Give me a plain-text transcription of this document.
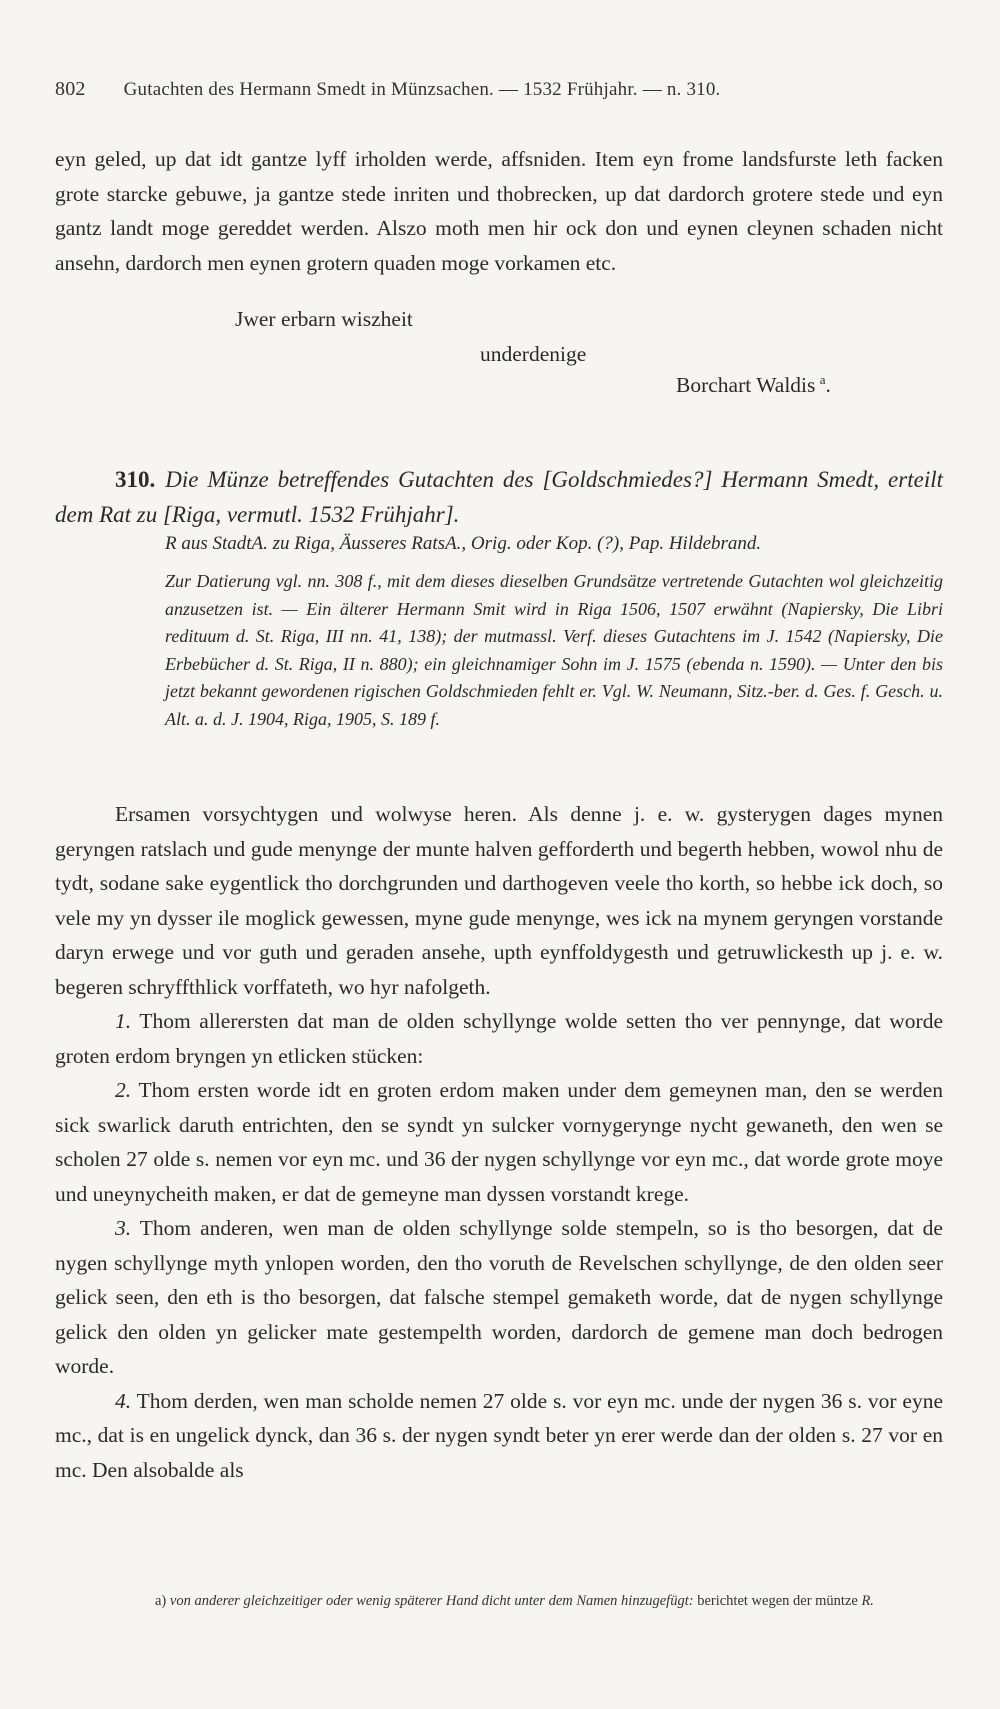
802 Gutachten des Hermann Smedt in Münzsachen. — 1532 Frühjahr. — n. 310.

eyn geled, up dat idt gantze lyff irholden werde, affsniden. Item eyn frome landsfurste leth facken grote starcke gebuwe, ja gantze stede inriten und thobrecken, up dat dardorch grotere stede und eyn gantz landt moge gereddet werden. Alszo moth men hir ock don und eynen cleynen schaden nicht ansehn, dardorch men eynen grotern quaden moge vorkamen etc.

Jwer erbarn wiszheit
underdenige
Borchart Waldis  $^a$.
310. Die Münze betreffendes Gutachten des [Goldschmiedes?] Hermann Smedt, erteilt dem Rat zu [Riga, vermutl. 1532 Frühjahr].
R aus StadtA. zu Riga, Äusseres RatsA., Orig. oder Kop. (?), Pap. Hildebrand.
Zur Datierung vgl. nn. 308 f., mit dem dieses dieselben Grundsätze vertretende Gutachten wol gleichzeitig anzusetzen ist. — Ein älterer Hermann Smit wird in Riga 1506, 1507 erwähnt (Napiersky, Die Libri redituum d. St. Riga, III nn. 41, 138); der mutmassl. Verf. dieses Gutachtens im J. 1542 (Napiersky, Die Erbebücher d. St. Riga, II n. 880); ein gleichnamiger Sohn im J. 1575 (ebenda n. 1590). — Unter den bis jetzt bekannt gewordenen rigischen Goldschmieden fehlt er. Vgl. W. Neumann, Sitz.-ber. d. Ges. f. Gesch. u. Alt. a. d. J. 1904, Riga, 1905, S. 189 f.

Ersamen vorsychtygen und wolwyse heren. Als denne j. e. w. gysterygen dages mynen geryngen ratslach und gude menynge der munte halven gefforderth und begerth hebben, wowol nhu de tydt, sodane sake eygentlick tho dorchgrunden und darthogeven veele tho korth, so hebbe ick doch, so vele my yn dysser ile moglick gewessen, myne gude menynge, wes ick na mynem geryngen vorstande daryn erwege und vor guth und geraden ansehe, upth eynffoldygesth und getruwlickesth up j. e. w. begeren schryffthlick vorffateth, wo hyr nafolgeth.

1. Thom allerersten dat man de olden schyllynge wolde setten tho ver pennynge, dat worde groten erdom bryngen yn etlicken stücken:

2. Thom ersten worde idt en groten erdom maken under dem gemeynen man, den se werden sick swarlick daruth entrichten, den se syndt yn sulcker vornygerynge nycht gewaneth, den wen se scholen 27 olde s. nemen vor eyn mc. und 36 der nygen schyllynge vor eyn mc., dat worde grote moye und uneynycheith maken, er dat de gemeyne man dyssen vorstandt krege.

3. Thom anderen, wen man de olden schyllynge solde stempeln, so is tho besorgen, dat de nygen schyllynge myth ynlopen worden, den tho voruth de Revelschen schyllynge, de den olden seer gelick seen, den eth is tho besorgen, dat falsche stempel gemaketh worde, dat de nygen schyllynge gelick den olden yn gelicker mate gestempelth worden, dardorch de gemene man doch bedrogen worde.

4. Thom derden, wen man scholde nemen 27 olde s. vor eyn mc. unde der nygen 36 s. vor eyne mc., dat is en ungelick dynck, dan 36 s. der nygen syndt beter yn erer werde dan der olden s. 27 vor en mc. Den alsobalde als

a) von anderer gleichzeitiger oder wenig späterer Hand dicht unter dem Namen hinzugefügt: berichtet wegen der müntze R.
